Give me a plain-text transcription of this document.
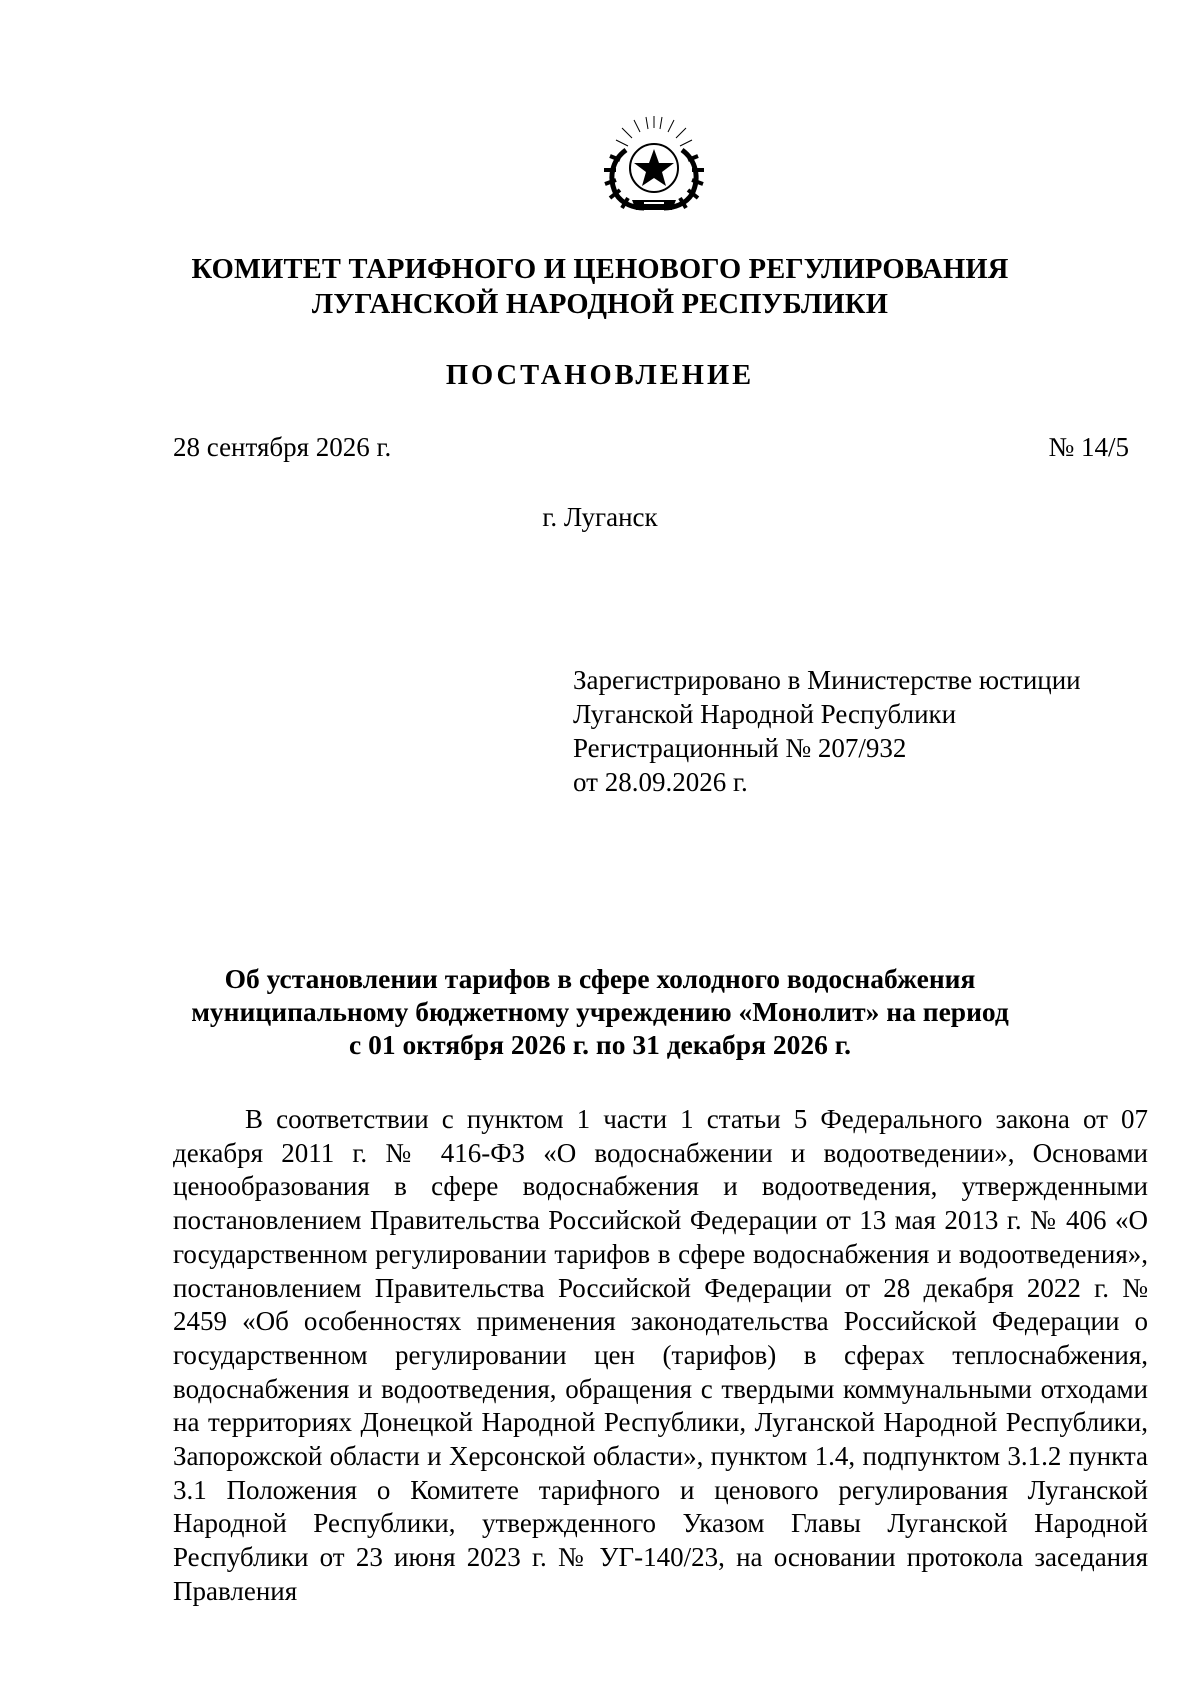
КОМИТЕТ ТАРИФНОГО И ЦЕНОВОГО РЕГУЛИРОВАНИЯ
ЛУГАНСКОЙ НАРОДНОЙ РЕСПУБЛИКИ
ПОСТАНОВЛЕНИЕ
28 сентября 2026 г.	№ 14/5
г. Луганск
Зарегистрировано в Министерстве юстиции
Луганской Народной Республики
Регистрационный № 207/932
от 28.09.2026 г.
Об установлении тарифов в сфере холодного водоснабжения
муниципальному бюджетному учреждению «Монолит» на период
с 01 октября 2026 г. по 31 декабря 2026 г.

В соответствии с пунктом 1 части 1 статьи 5 Федерального закона от 07 декабря 2011 г. № 416-ФЗ «О водоснабжении и водоотведении», Основами ценообразования в сфере водоснабжения и водоотведения, утвержденными постановлением Правительства Российской Федерации от 13 мая 2013 г. № 406 «О государственном регулировании тарифов в сфере водоснабжения и водоотведения», постановлением Правительства Российской Федерации от 28 декабря 2022 г. № 2459 «Об особенностях применения законодательства Российской Федерации о государственном регулировании цен (тарифов) в сферах теплоснабжения, водоснабжения и водоотведения, обращения с твердыми коммунальными отходами на территориях Донецкой Народной Республики, Луганской Народной Республики, Запорожской области и Херсонской области», пунктом 1.4, подпунктом 3.1.2 пункта 3.1 Положения о Комитете тарифного и ценового регулирования Луганской Народной Республики, утвержденного Указом Главы Луганской Народной Республики от 23 июня 2023 г. № УГ-140/23, на основании протокола заседания Правления
